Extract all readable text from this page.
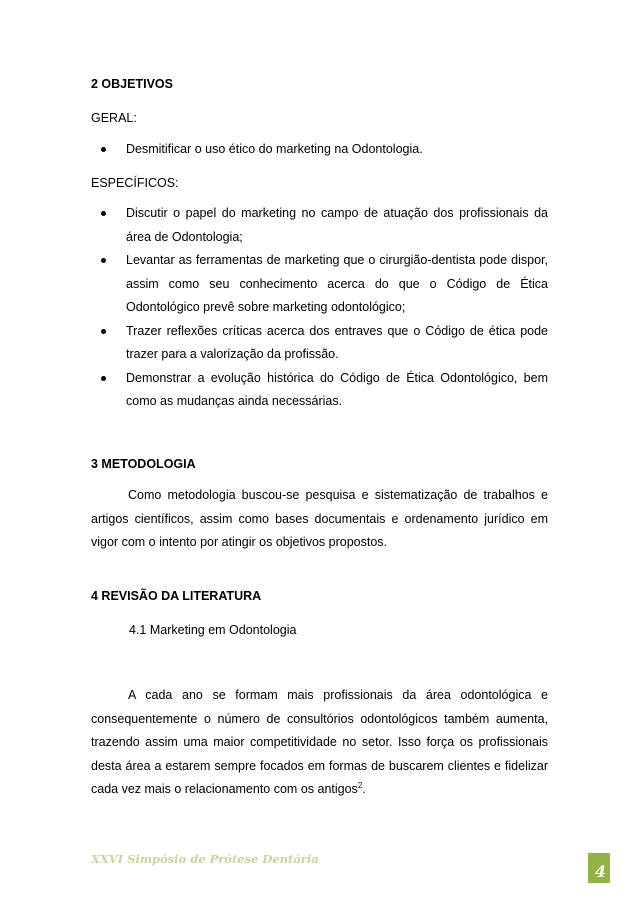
2 OBJETIVOS
GERAL:
Desmitificar o uso ético do marketing na Odontologia.
ESPECÍFICOS:
Discutir o papel do marketing no campo de atuação dos profissionais da área de Odontologia;
Levantar as ferramentas de marketing que o cirurgião-dentista pode dispor, assim como seu conhecimento acerca do que o Código de Ética Odontológico prevê sobre marketing odontológico;
Trazer reflexões críticas acerca dos entraves que o Código de ética pode trazer para a valorização da profissão.
Demonstrar a evolução histórica do Código de Ética Odontológico, bem como as mudanças ainda necessárias.
3 METODOLOGIA

Como metodologia buscou-se pesquisa e sistematização de trabalhos e artigos científicos, assim como bases documentais e ordenamento jurídico em vigor com o intento por atingir os objetivos propostos.

4 REVISÃO DA LITERATURA
4.1 Marketing em Odontologia

A cada ano se formam mais profissionais da área odontológica e consequentemente o número de consultórios odontológicos também aumenta, trazendo assim uma maior competitividade no setor. Isso força os profissionais desta área a estarem sempre focados em formas de buscarem clientes e fidelizar cada vez mais o relacionamento com os antigos$^2$.

XXVI Simpósio de Prótese Dentária
4
